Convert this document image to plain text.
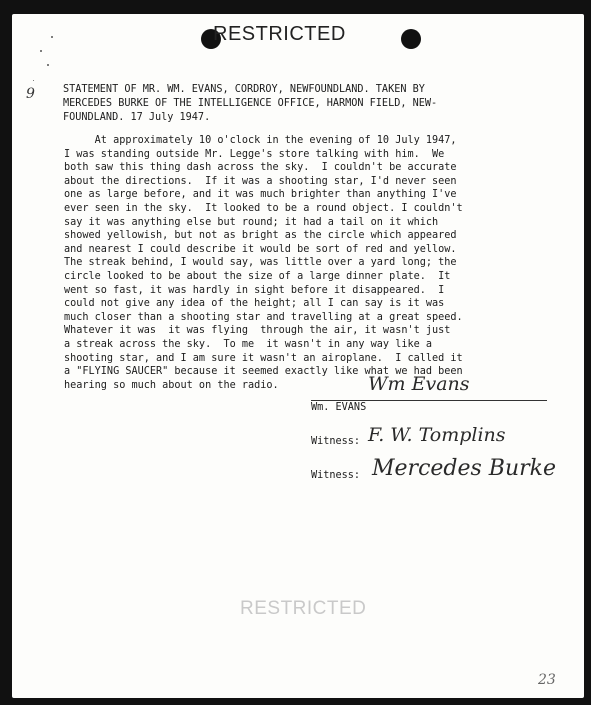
RESTRICTED
9	STATEMENT OF MR. WM. EVANS, CORDROY, NEWFOUNDLAND. TAKEN BY
MERCEDES BURKE OF THE INTELLIGENCE OFFICE, HARMON FIELD, NEW-
FOUNDLAND. 17 July 1947.
At approximately 10 o'clock in the evening of 10 July 1947,
I was standing outside Mr. Legge's store talking with him.  We
both saw this thing dash across the sky.  I couldn't be accurate
about the directions.  If it was a shooting star, I'd never seen
one as large before, and it was much brighter than anything I've
ever seen in the sky.  It looked to be a round object. I couldn't
say it was anything else but round; it had a tail on it which
showed yellowish, but not as bright as the circle which appeared
and nearest I could describe it would be sort of red and yellow.
The streak behind, I would say, was little over a yard long; the
circle looked to be about the size of a large dinner plate.  It
went so fast, it was hardly in sight before it disappeared.  I
could not give any idea of the height; all I can say is it was
much closer than a shooting star and travelling at a great speed.
Whatever it was  it was flying  through the air, it wasn't just
a streak across the sky.  To me  it wasn't in any way like a
shooting star, and I am sure it wasn't an airoplane.  I called it
a "FLYING SAUCER" because it seemed exactly like what we had been
hearing so much about on the radio.	Wm Evans
Wm. EVANS
Witness: F. W. Tomplins
Witness: Mercedes Burke
RESTRICTED
23
